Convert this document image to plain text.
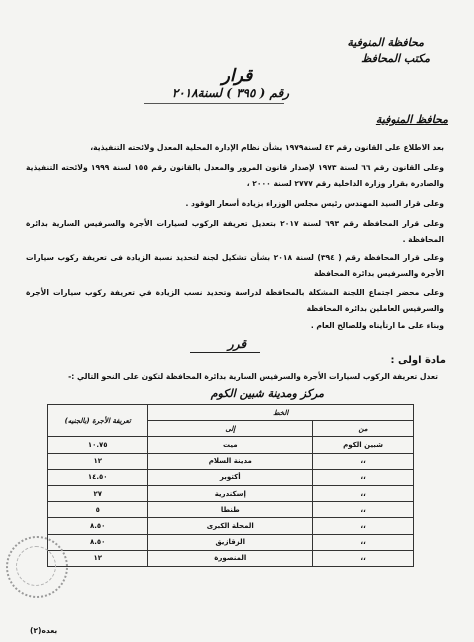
محافظة المنوفية
مكتب المحافظ
قرار
رقم ( ٣٩٥ ) لسنة٢٠١٨
محافظ المنوفية
بعد الاطلاع على القانون رقم ٤٣ لسنة١٩٧٩ بشأن نظام الإدارة المحلية المعدل ولائحته التنفيذية،
وعلى القانون رقم ٦٦ لسنة ١٩٧٣ لإصدار قانون المرور والمعدل بالقانون رقم ١٥٥ لسنة ١٩٩٩ ولائحته التنفيذية والصادرة بقرار وزارة الداخلية رقم ٢٧٧٧ لسنة ٢٠٠٠ ،
وعلى قرار السيد المهندس رئيس مجلس الوزراء بزيادة أسعار الوقود .
وعلى قرار المحافظة رقم ٦٩٣ لسنة ٢٠١٧ بتعديل تعريفة الركوب لسيارات الأجرة والسرفيس السارية بدائرة المحافظة .
وعلى قرار المحافظة رقم ( ٣٩٤) لسنة ٢٠١٨ بشأن تشكيل لجنة لتحديد نسبة الزيادة فى تعريفة ركوب سيارات الأجرة والسرفيس بدائرة المحافظة
وعلى محضر اجتماع اللجنة المشكلة بالمحافظة لدراسة وتحديد نسب الزيادة في تعريفة ركوب سيارات الأجرة والسرفيس العاملين بدائرة المحافظة
وبناء على ما ارتأيناه وللصالح العام .
قرر
مادة اولى :
تعدل تعريفة الركوب لسيارات الأجرة والسرفيس السارية بدائرة المحافظة لتكون على النحو التالي :-
مركز ومدينة شبين الكوم
الخط		تعريفة الأجرة (بالجنيه)
من	إلى	
شبين الكوم	ميت	١٠.٧٥
،،	مدينة السلام	١٢
،،	أكتوبر	١٤.٥٠
،،	إسكندرية	٢٧
،،	طنطا	٥
،،	المحلة الكبرى	٨.٥٠
،،	الزقازيق	٨.٥٠
،،	المنصورة	١٢
بعده(٢)
